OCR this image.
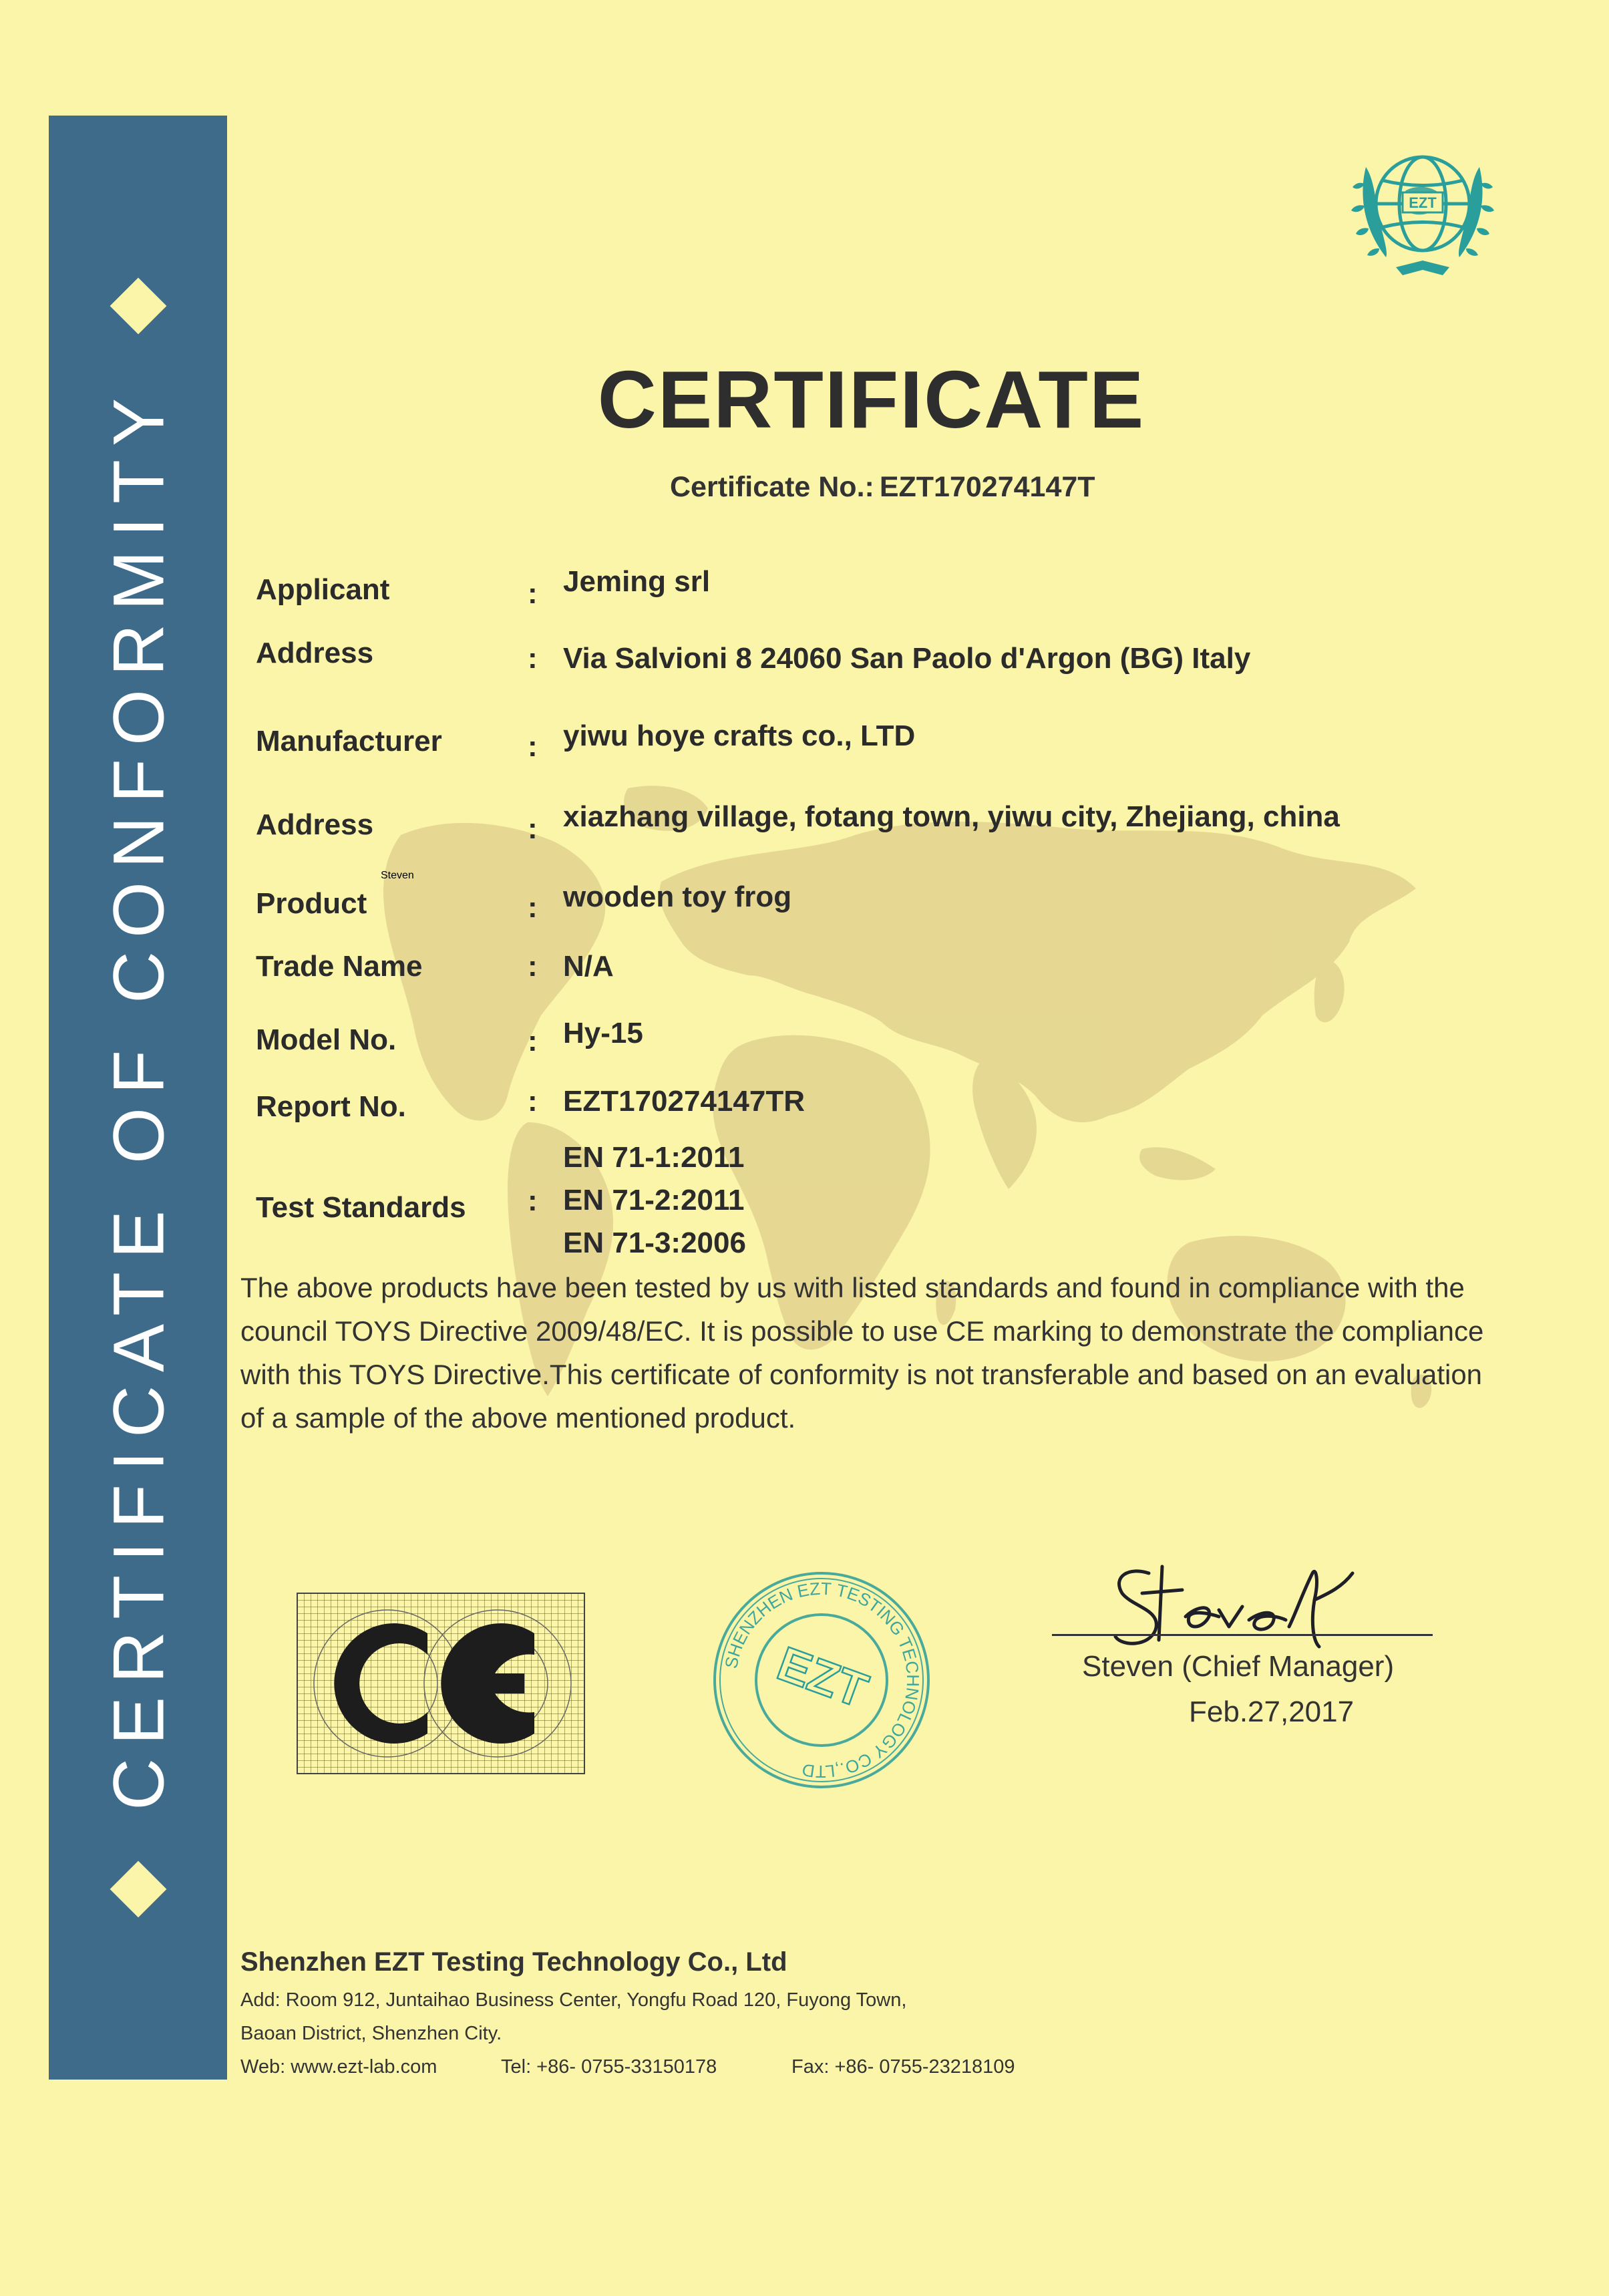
CERTIFICATE OF CONFORMITY
EZT
CERTIFICATE
Certificate No.: EZT170274147T
Applicant	: Jeming srl
Address	: Via Salvioni 8 24060 San Paolo d'Argon (BG) Italy
Manufacturer	: yiwu hoye crafts co., LTD
Address	: xiazhang village, fotang town, yiwu city, Zhejiang, china
Product	: wooden toy frog
Trade Name	: N/A
Model No.	: Hy-15
Report No.	: EZT170274147TR
Test Standards :
EN 71-1:2011
EN 71-2:2011
EN 71-3:2006
The above products have been tested by us with listed standards and found in compliance with the
council TOYS Directive 2009/48/EC. It is possible to use CE marking to demonstrate the compliance
with this TOYS Directive.This certificate of conformity is not transferable and based on an evaluation
of a sample of the above mentioned product.
SHENZHEN EZT TESTING TECHNOLOGY CO.,LTD
EZT
Steven
Steven (Chief Manager)
Feb.27,2017
Shenzhen EZT Testing Technology Co., Ltd
Add: Room 912, Juntaihao Business Center, Yongfu Road 120, Fuyong Town,
Baoan District, Shenzhen City.
Web: www.ezt-lab.com	Tel: +86- 0755-33150178	Fax: +86- 0755-23218109
